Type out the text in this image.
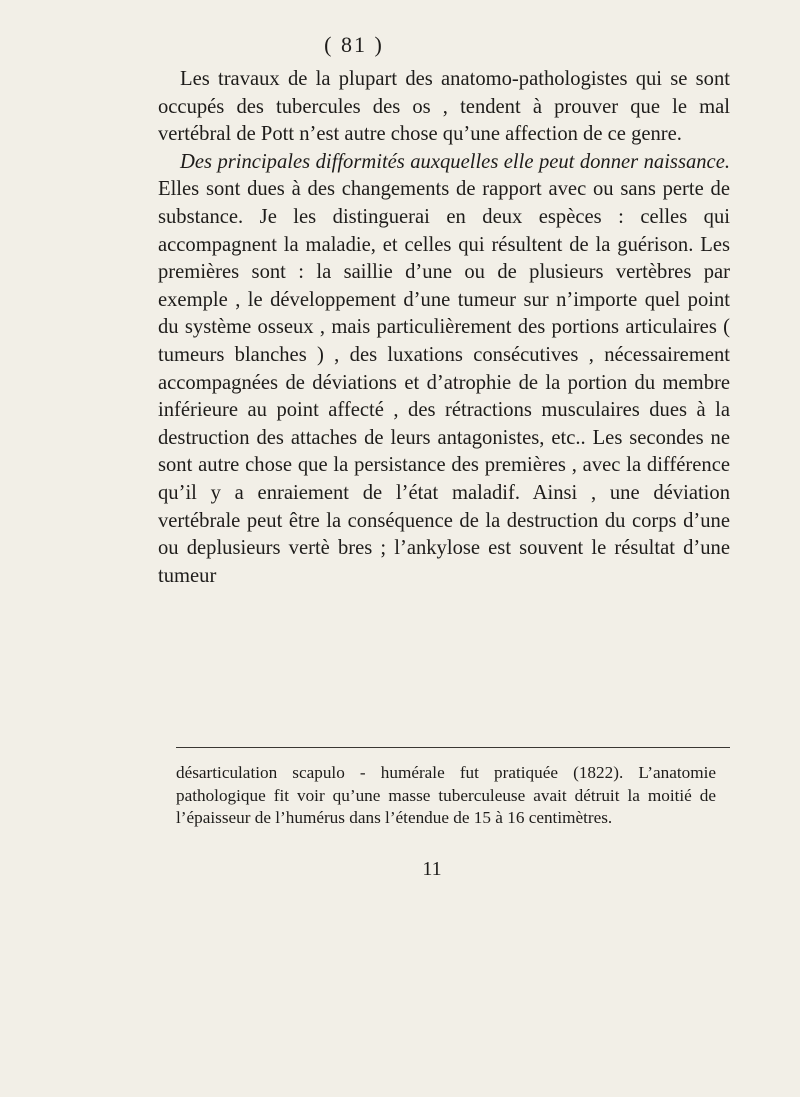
( 81 )

Les travaux de la plupart des anatomo-pathologistes qui se sont occupés des tubercules des os , tendent à prouver que le mal vertébral de Pott n’est autre chose qu’une affection de ce genre.

Des principales difformités auxquelles elle peut donner naissance. Elles sont dues à des changements de rapport avec ou sans perte de substance. Je les distinguerai en deux espèces : celles qui accompagnent la maladie, et celles qui résultent de la guérison. Les premières sont : la saillie d’une ou de plusieurs vertèbres par exemple , le développement d’une tumeur sur n’importe quel point du système osseux , mais particulièrement des portions articulaires ( tumeurs blanches ) , des luxations consécutives , nécessairement accompagnées de déviations et d’atrophie de la portion du membre inférieure au point affecté , des rétractions musculaires dues à la destruction des attaches de leurs antagonistes, etc.. Les secondes ne sont autre chose que la persistance des premières , avec la différence qu’il y a enraiement de l’état maladif. Ainsi , une déviation vertébrale peut être la conséquence de la destruction du corps d’une ou deplusieurs vertè bres ; l’ankylose est souvent le résultat d’une tumeur

désarticulation scapulo - humérale fut pratiquée (1822). L’anatomie pathologique fit voir qu’une masse tuberculeuse avait détruit la moitié de l’épaisseur de l’humérus dans l’étendue de 15 à 16 centimètres.

11
